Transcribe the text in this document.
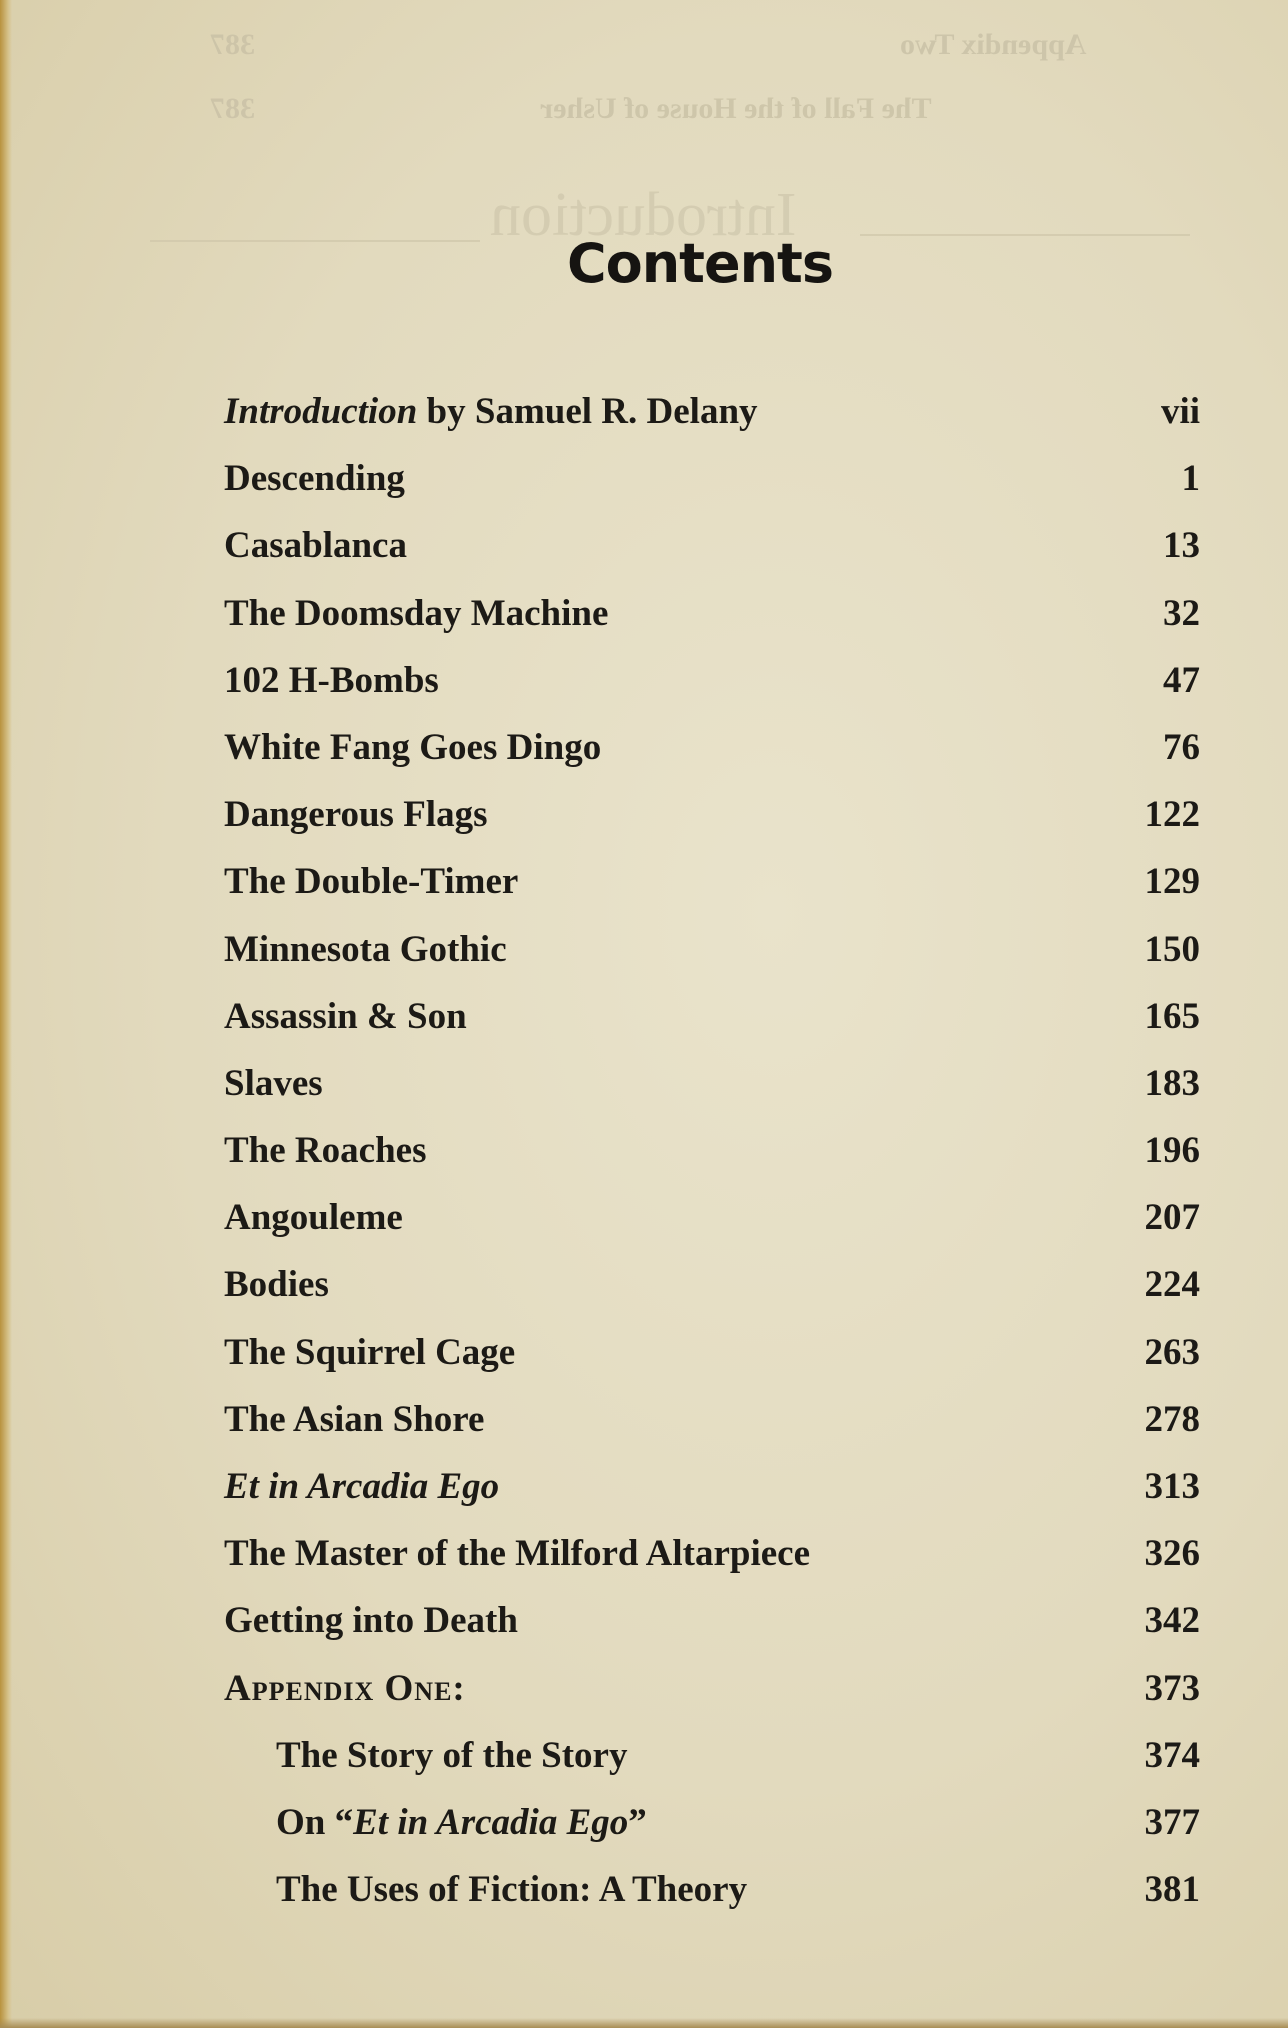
Appendix Two
387
The Fall of the House of Usher
387
Introduction
Contents
Introduction by Samuel R. Delany	vii
Descending	1
Casablanca	13
The Doomsday Machine	32
102 H-Bombs	47
White Fang Goes Dingo	76
Dangerous Flags	122
The Double-Timer	129
Minnesota Gothic	150
Assassin & Son	165
Slaves	183
The Roaches	196
Angouleme	207
Bodies	224
The Squirrel Cage	263
The Asian Shore	278
Et in Arcadia Ego	313
The Master of the Milford Altarpiece	326
Getting into Death	342
Appendix One:	373
The Story of the Story	374
On “Et in Arcadia Ego”	377
The Uses of Fiction: A Theory	381
